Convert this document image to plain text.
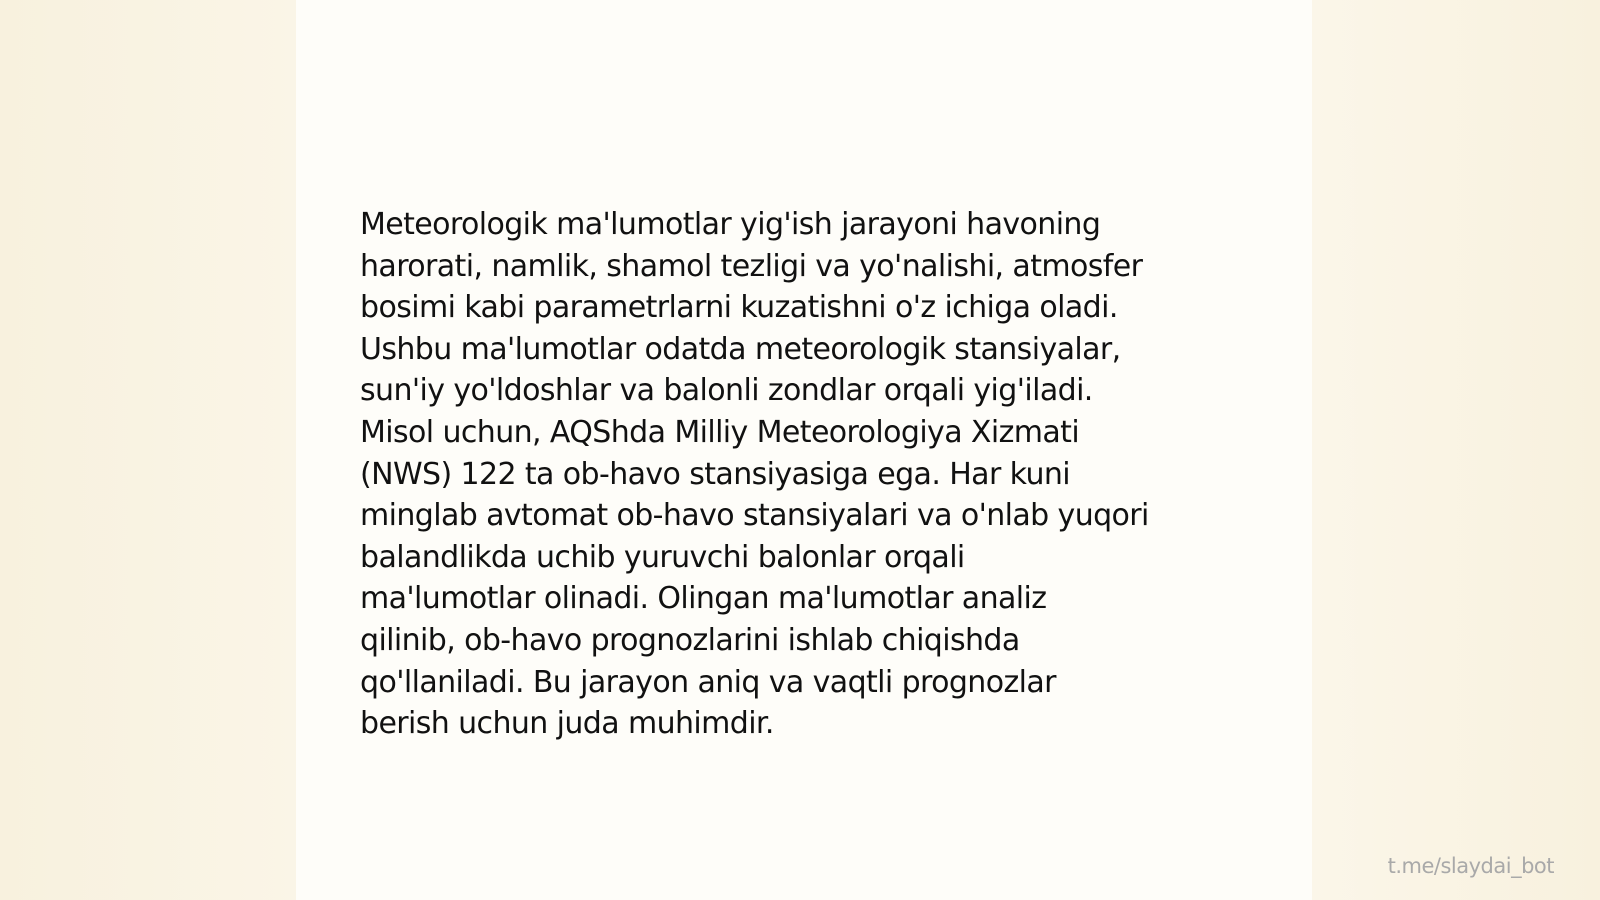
Meteorologik ma'lumotlar yig'ish jarayoni havoning
harorati, namlik, shamol tezligi va yo'nalishi, atmosfer
bosimi kabi parametrlarni kuzatishni o'z ichiga oladi.
Ushbu ma'lumotlar odatda meteorologik stansiyalar,
sun'iy yo'ldoshlar va balonli zondlar orqali yig'iladi.
Misol uchun, AQShda Milliy Meteorologiya Xizmati
(NWS) 122 ta ob-havo stansiyasiga ega. Har kuni
minglab avtomat ob-havo stansiyalari va o'nlab yuqori
balandlikda uchib yuruvchi balonlar orqali
ma'lumotlar olinadi. Olingan ma'lumotlar analiz
qilinib, ob-havo prognozlarini ishlab chiqishda
qo'llaniladi. Bu jarayon aniq va vaqtli prognozlar
berish uchun juda muhimdir.

t.me/slaydai_bot
